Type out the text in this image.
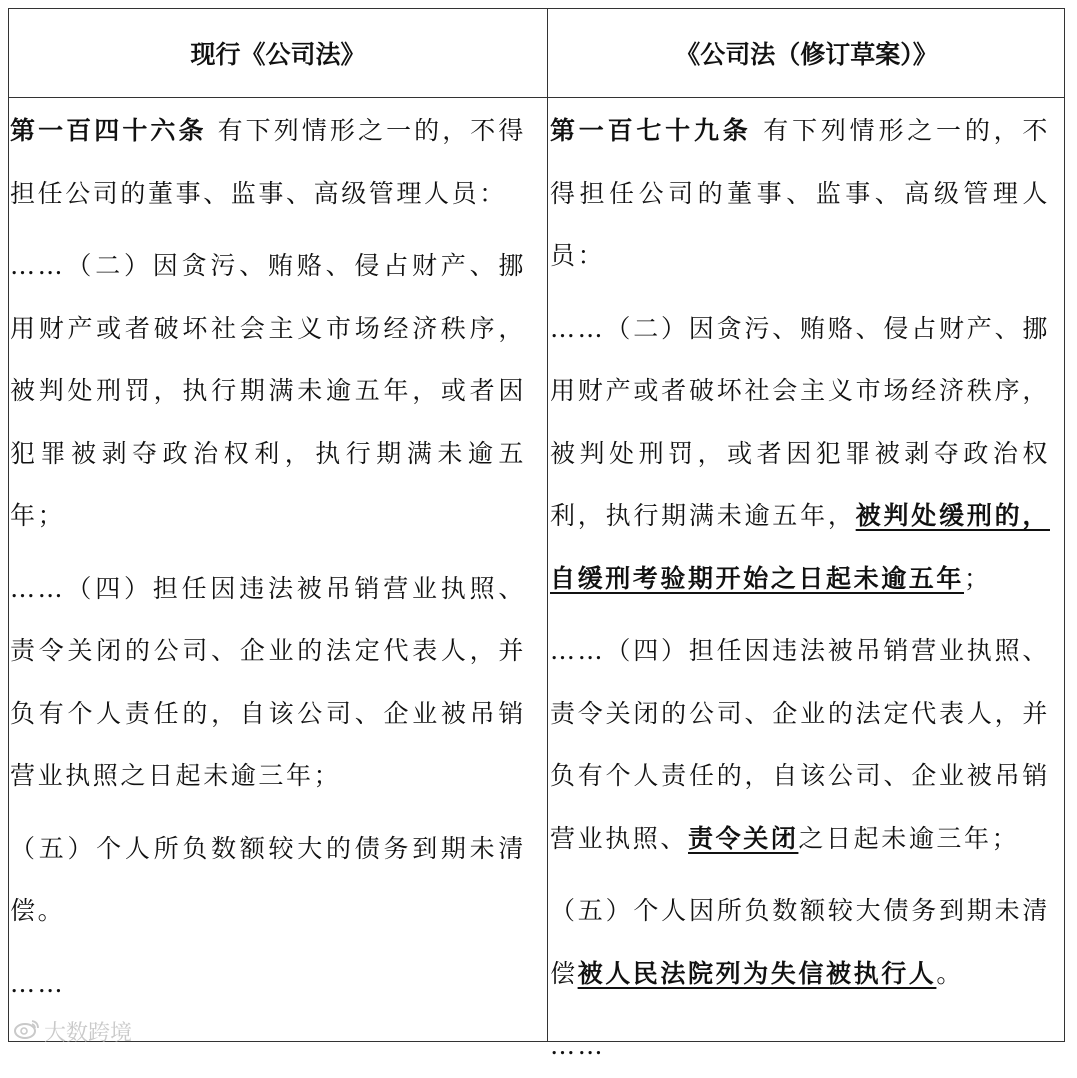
现行《公司法》	《公司法（修订草案）》

第一百四十六条 有下列情形之一的，不得担任公司的董事、监事、高级管理人员：

……（二）因贪污、贿赂、侵占财产、挪用财产或者破坏社会主义市场经济秩序，被判处刑罚，执行期满未逾五年，或者因犯罪被剥夺政治权利，执行期满未逾五年；

……（四）担任因违法被吊销营业执照、责令关闭的公司、企业的法定代表人，并负有个人责任的，自该公司、企业被吊销营业执照之日起未逾三年；

（五）个人所负数额较大的债务到期未清偿。

……

第一百七十九条 有下列情形之一的，不得担任公司的董事、监事、高级管理人员：

……（二）因贪污、贿赂、侵占财产、挪用财产或者破坏社会主义市场经济秩序，被判处刑罚，或者因犯罪被剥夺政治权利，执行期满未逾五年，被判处缓刑的，自缓刑考验期开始之日起未逾五年；

……（四）担任因违法被吊销营业执照、责令关闭的公司、企业的法定代表人，并负有个人责任的，自该公司、企业被吊销营业执照、责令关闭之日起未逾三年；

（五）个人因所负数额较大债务到期未清偿被人民法院列为失信被执行人。

……

大数跨境
